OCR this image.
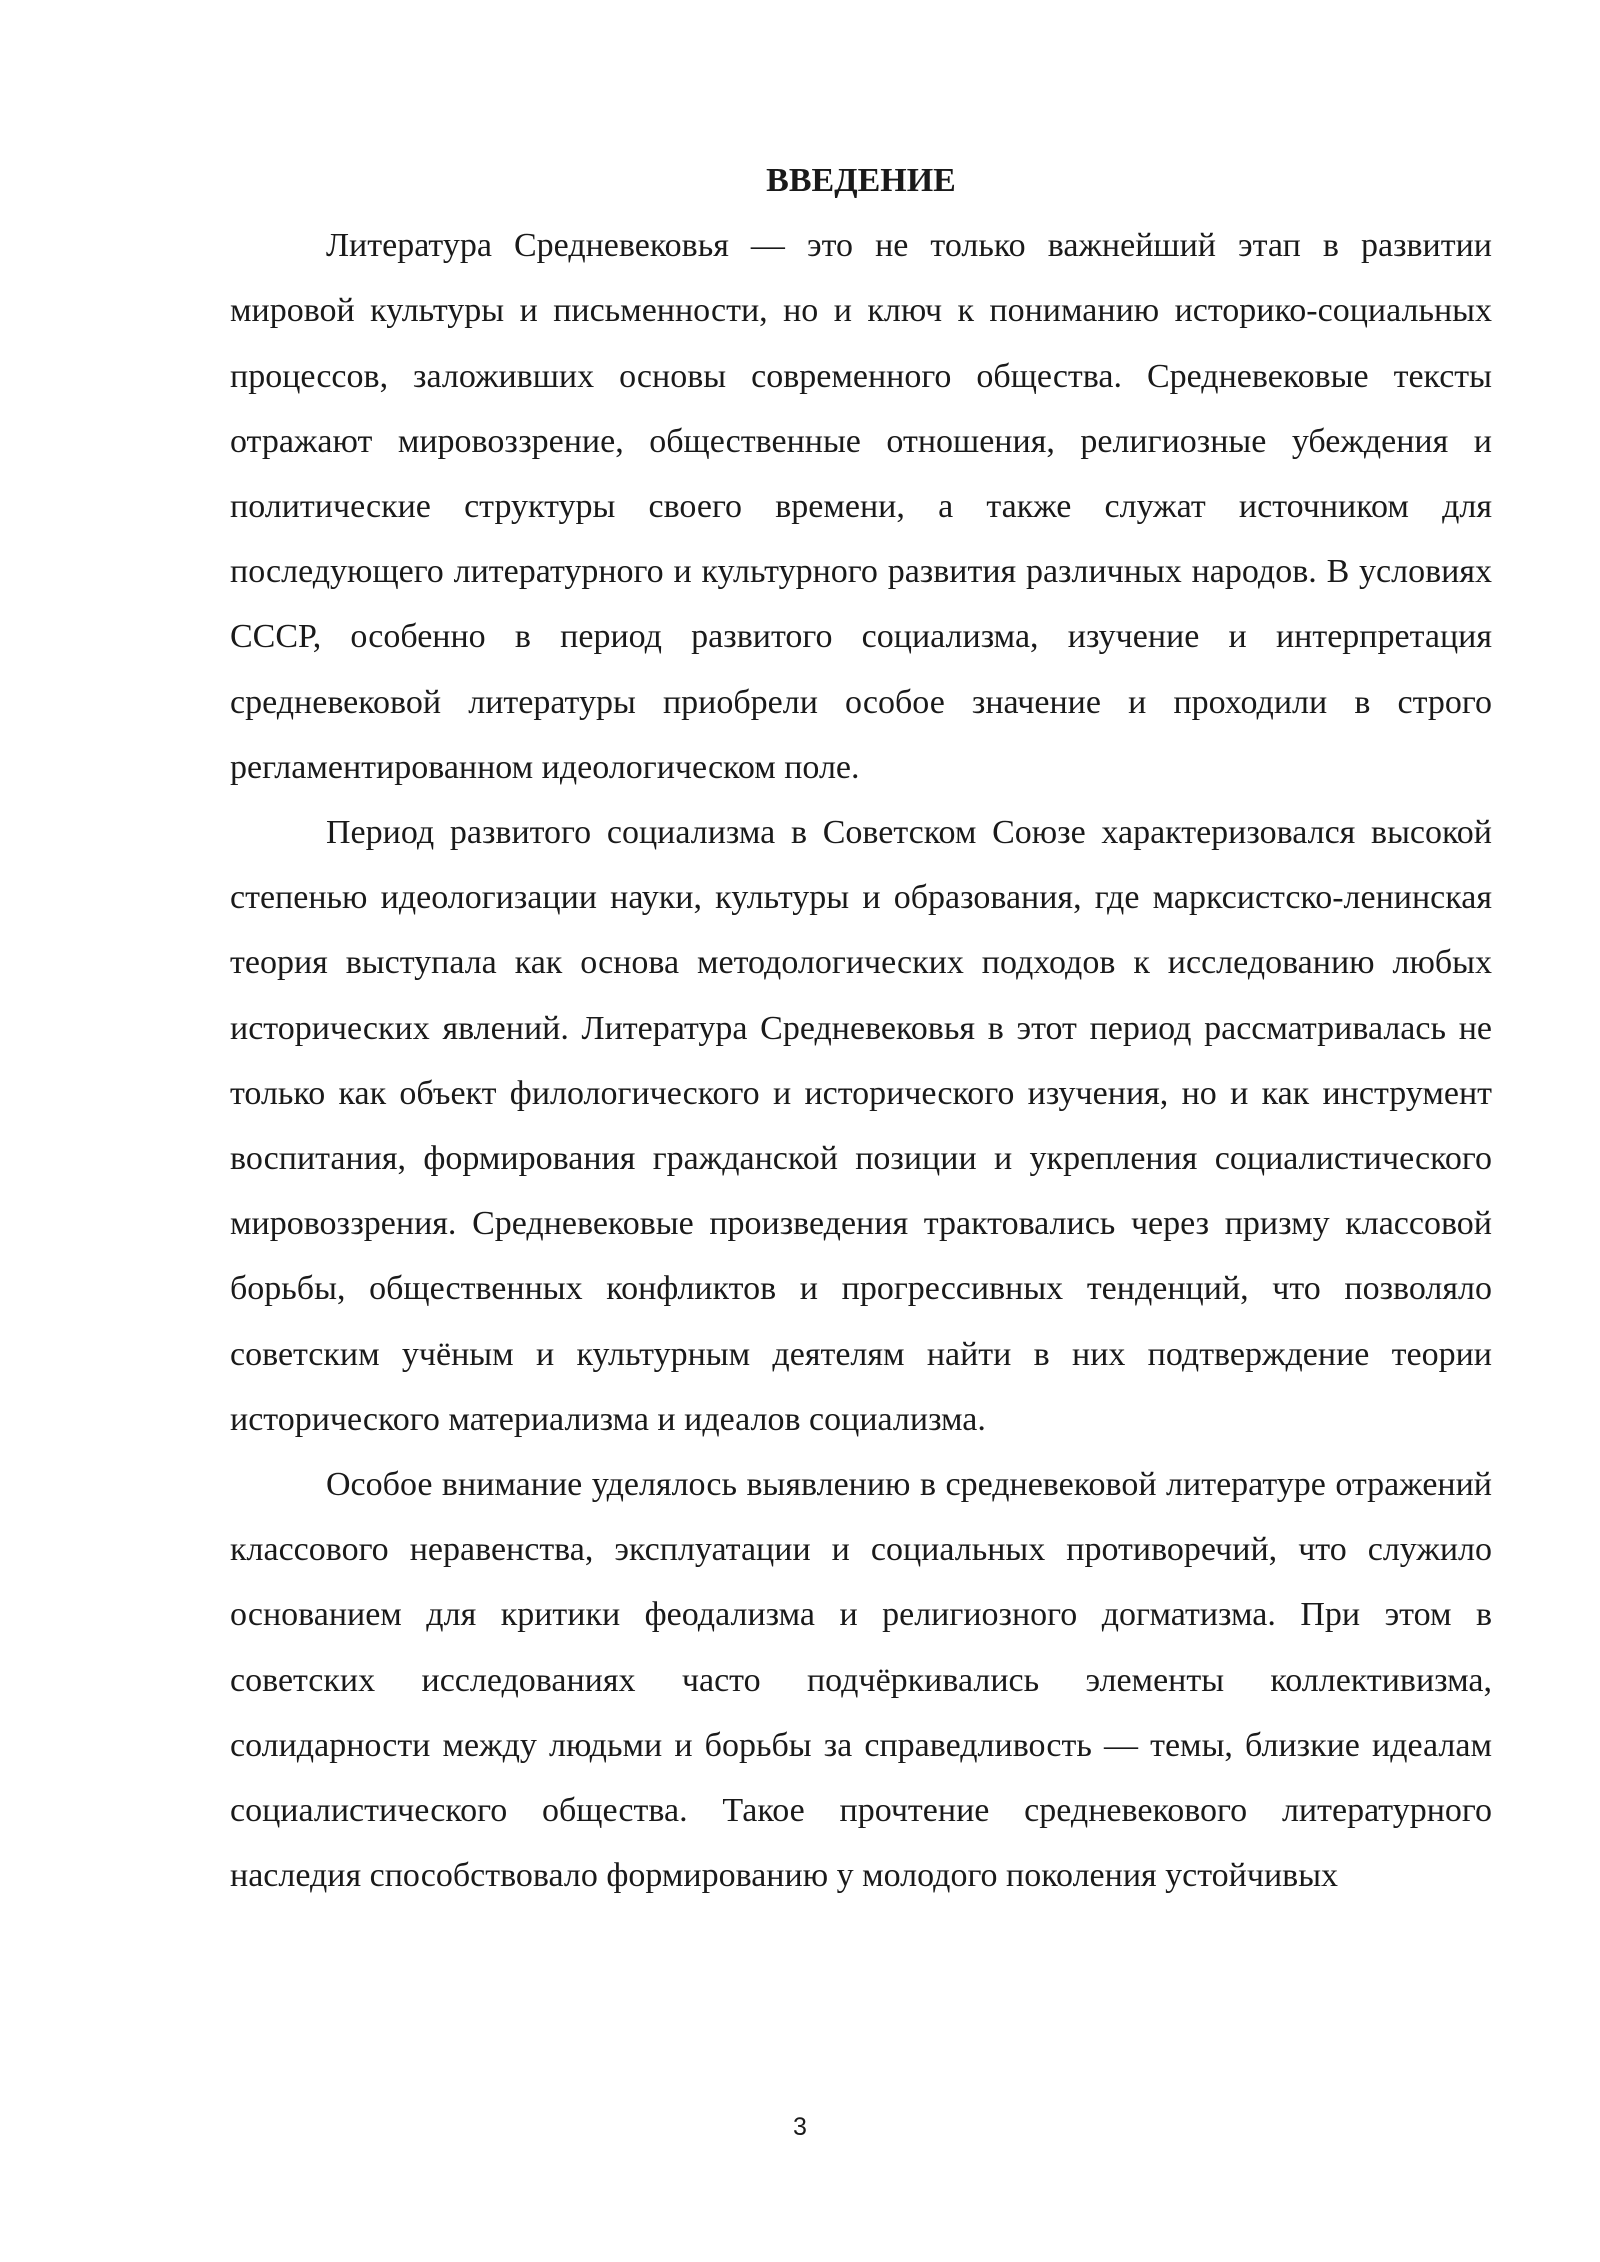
ВВЕДЕНИЕ

Литература Средневековья — это не только важнейший этап в развитии мировой культуры и письменности, но и ключ к пониманию историко-социальных процессов, заложивших основы современного общества. Средневековые тексты отражают мировоззрение, общественные отношения, религиозные убеждения и политические структуры своего времени, а также служат источником для последующего литературного и культурного развития различных народов. В условиях СССР, особенно в период развитого социализма, изучение и интерпретация средневековой литературы приобрели особое значение и проходили в строго регламентированном идеологическом поле.

Период развитого социализма в Советском Союзе характеризовался высокой степенью идеологизации науки, культуры и образования, где марксистско-ленинская теория выступала как основа методологических подходов к исследованию любых исторических явлений. Литература Средневековья в этот период рассматривалась не только как объект филологического и исторического изучения, но и как инструмент воспитания, формирования гражданской позиции и укрепления социалистического мировоззрения. Средневековые произведения трактовались через призму классовой борьбы, общественных конфликтов и прогрессивных тенденций, что позволяло советским учёным и культурным деятелям найти в них подтверждение теории исторического материализма и идеалов социализма.

Особое внимание уделялось выявлению в средневековой литературе отражений классового неравенства, эксплуатации и социальных противоречий, что служило основанием для критики феодализма и религиозного догматизма. При этом в советских исследованиях часто подчёркивались элементы коллективизма, солидарности между людьми и борьбы за справедливость — темы, близкие идеалам социалистического общества. Такое прочтение средневекового литературного наследия способствовало формированию у молодого поколения устойчивых

3
